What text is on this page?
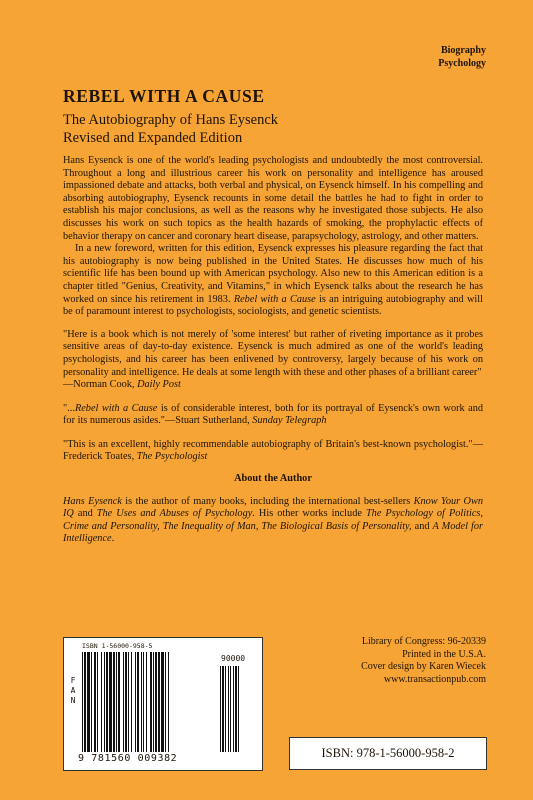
Biography
Psychology
REBEL WITH A CAUSE
The Autobiography of Hans Eysenck
Revised and Expanded Edition

Hans Eysenck is one of the world's leading psychologists and undoubtedly the most controversial. Throughout a long and illustrious career his work on personality and intelligence has aroused impassioned debate and attacks, both verbal and physical, on Eysenck himself. In his compelling and absorbing autobiography, Eysenck recounts in some detail the battles he had to fight in order to establish his major conclusions, as well as the reasons why he investigated those subjects. He also discusses his work on such topics as the health hazards of smoking, the prophylactic effects of behavior therapy on cancer and coronary heart disease, parapsychology, astrology, and other matters.

In a new foreword, written for this edition, Eysenck expresses his pleasure regarding the fact that his autobiography is now being published in the United States. He discusses how much of his scientific life has been bound up with American psychology. Also new to this American edition is a chapter titled "Genius, Creativity, and Vitamins," in which Eysenck talks about the research he has worked on since his retirement in 1983. Rebel with a Cause is an intriguing autobiography and will be of paramount interest to psychologists, sociologists, and genetic scientists.

"Here is a book which is not merely of 'some interest' but rather of riveting importance as it probes sensitive areas of day-to-day existence. Eysenck is much admired as one of the world's leading psychologists, and his career has been enlivened by controversy, largely because of his work on personality and intelligence. He deals at some length with these and other phases of a brilliant career"
—Norman Cook, Daily Post

"...Rebel with a Cause is of considerable interest, both for its portrayal of Eysenck's own work and for its numerous asides."—Stuart Sutherland, Sunday Telegraph

"This is an excellent, highly recommendable autobiography of Britain's best-known psychologist."—Frederick Toates, The Psychologist

About the Author

Hans Eysenck is the author of many books, including the international best-sellers Know Your Own IQ and The Uses and Abuses of Psychology. His other works include The Psychology of Politics, Crime and Personality, The Inequality of Man, The Biological Basis of Personality, and A Model for Intelligence.

ISBN 1-56000-958-5
F A N
90000
9 781560 009382
Library of Congress: 96-20339
Printed in the U.S.A.
Cover design by Karen Wiecek
www.transactionpub.com
ISBN: 978-1-56000-958-2
